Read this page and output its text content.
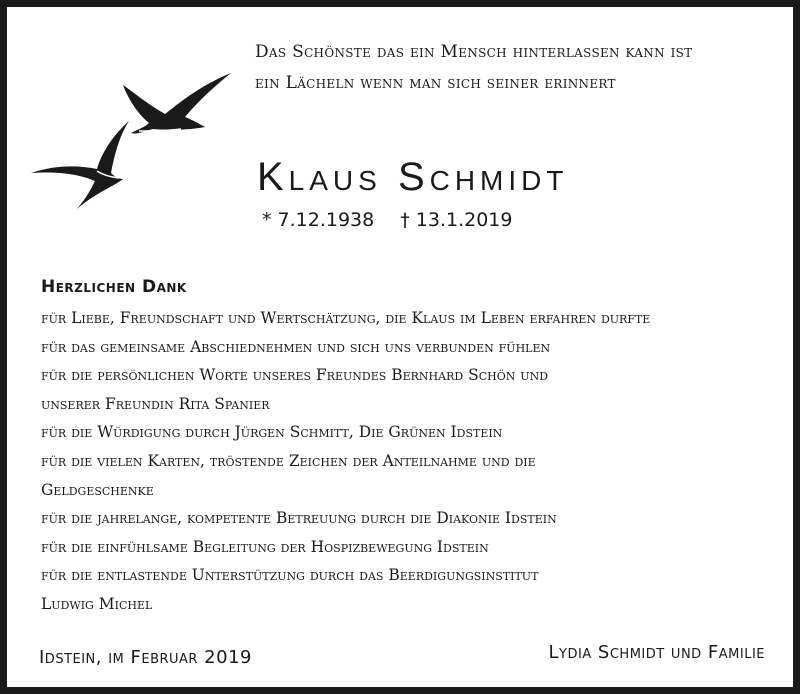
Das Schönste das ein Mensch hinterlassen kann ist
ein Lächeln wenn man sich seiner erinnert
Klaus Schmidt
* 7.12.1938 † 13.1.2019
Herzlichen Dank
für Liebe, Freundschaft und Wertschätzung, die Klaus im Leben erfahren durfte
für das gemeinsame Abschiednehmen und sich uns verbunden fühlen
für die persönlichen Worte unseres Freundes Bernhard Schön und
unserer Freundin Rita Spanier
für die Würdigung durch Jürgen Schmitt, Die Grünen Idstein
für die vielen Karten, tröstende Zeichen der Anteilnahme und die
Geldgeschenke
für die jahrelange, kompetente Betreuung durch die Diakonie Idstein
für die einfühlsame Begleitung der Hospizbewegung Idstein
für die entlastende Unterstützung durch das Beerdigungsinstitut
Ludwig Michel
Idstein, im Februar 2019	Lydia Schmidt und Familie
